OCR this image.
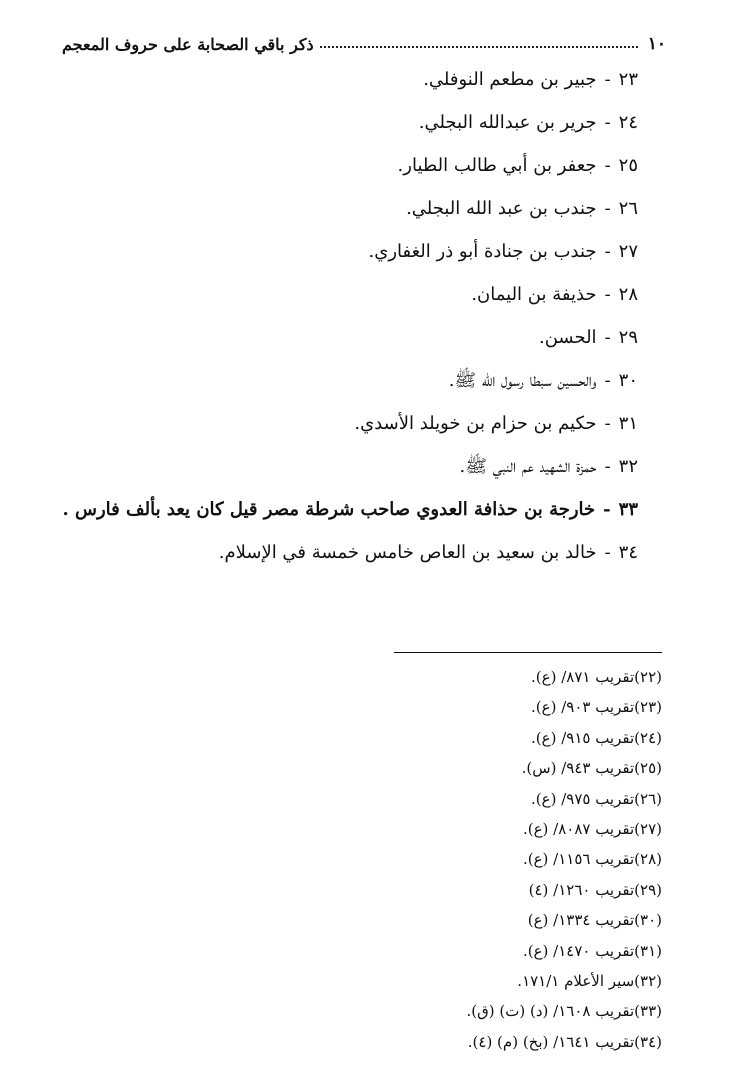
١٠
ذكر باقي الصحابة على حروف المعجم
٢٣-جبير بن مطعم النوفلي.
٢٤-جرير بن عبدالله البجلي.
٢٥-جعفر بن أبي طالب الطيار.
٢٦-جندب بن عبد الله البجلي.
٢٧-جندب بن جنادة أبو ذر الغفاري.
٢٨-حذيفة بن اليمان.
٢٩-الحسن.
٣٠-والحسين سبطا رسول الله ﷺ.
٣١-حكيم بن حزام بن خويلد الأسدي.
٣٢-حمزة الشهيد عم النبي ﷺ.
٣٣-خارجة بن حذافة العدوي صاحب شرطة مصر قيل كان يعد بألف فارس .
٣٤-خالد بن سعيد بن العاص خامس خمسة في الإسلام.
(٢٢)تقريب ٨٧١/ (ع).
(٢٣)تقريب ٩٠٣/ (ع).
(٢٤)تقريب ٩١٥/ (ع).
(٢٥)تقريب ٩٤٣/ (س).
(٢٦)تقريب ٩٧٥/ (ع).
(٢٧)تقريب ٨٠٨٧/ (ع).
(٢٨)تقريب ١١٥٦/ (ع).
(٢٩)تقريب ١٢٦٠/ (٤)
(٣٠)تقريب ١٣٣٤/ (ع)
(٣١)تقريب ١٤٧٠/ (ع).
(٣٢)سير الأعلام ١٧١/١.
(٣٣)تقريب ١٦٠٨/ (د) (ت) (ق).
(٣٤)تقريب ١٦٤١/ (بخ) (م) (٤).
